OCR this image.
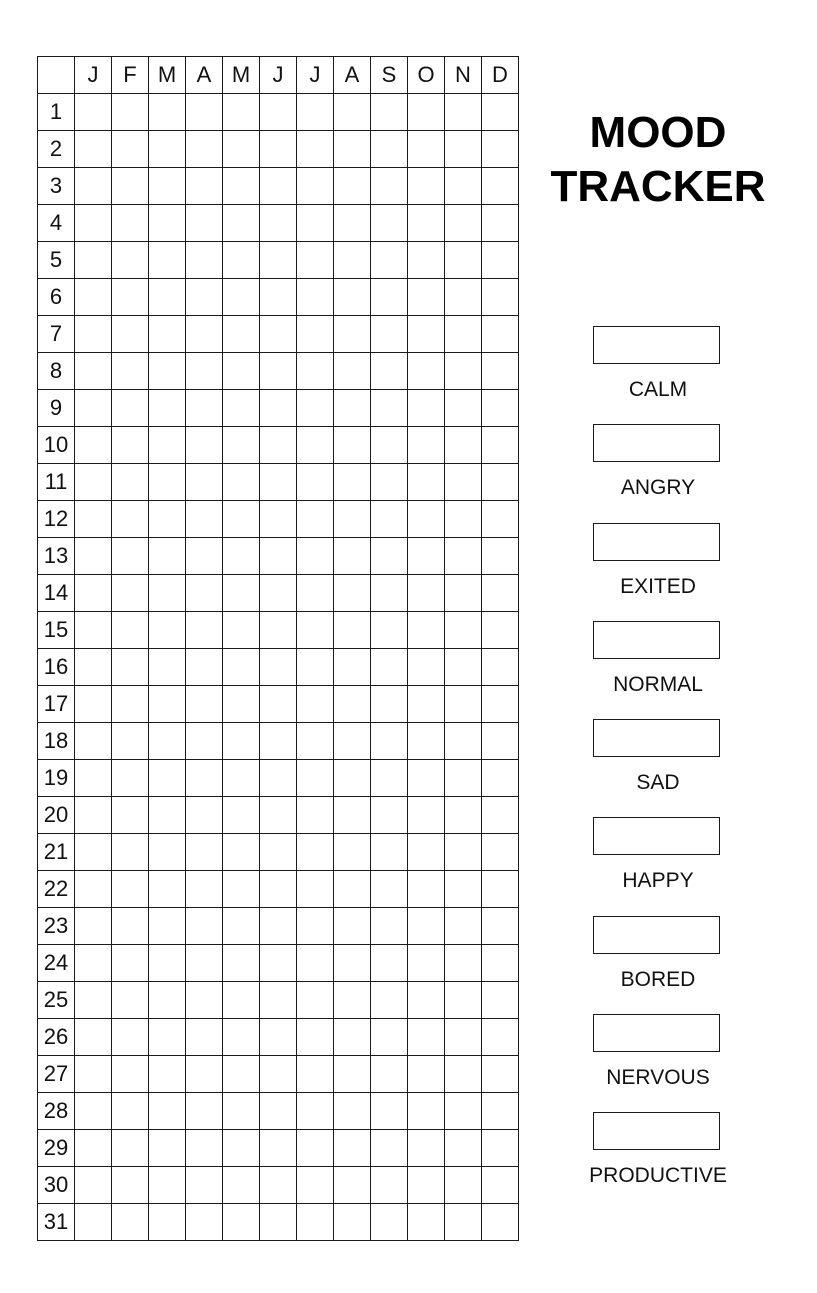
	J	F	M	A	M	J	J	A	S	O	N	D
1												
2												
3												
4												
5												
6												
7												
8												
9												
10												
11												
12												
13												
14												
15												
16												
17												
18												
19												
20												
21												
22												
23												
24												
25												
26												
27												
28												
29												
30												
31												
MOOD
TRACKER
CALM
ANGRY
EXITED
NORMAL
SAD
HAPPY
BORED
NERVOUS
PRODUCTIVE
